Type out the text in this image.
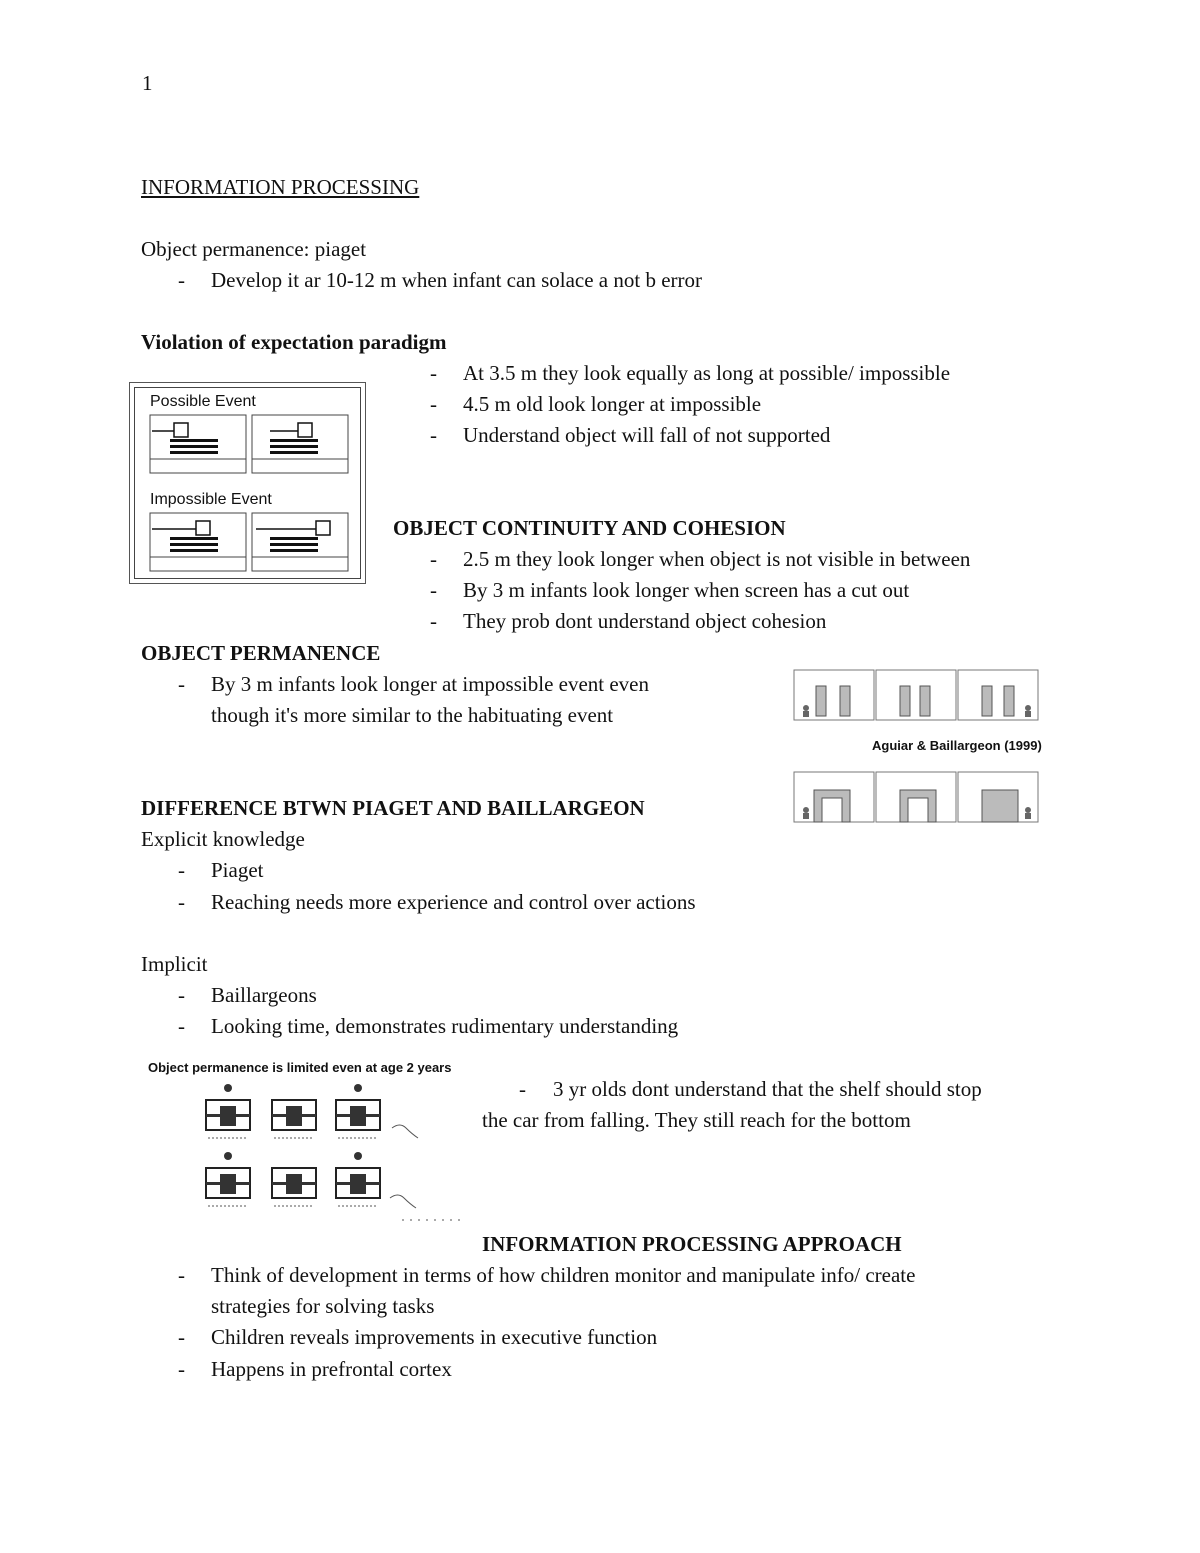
1
INFORMATION PROCESSING
Object permanence: piaget
- Develop it ar 10-12 m when infant can solace a not b error
Violation of expectation paradigm
- At 3.5 m they look equally as long at possible/ impossible
- 4.5 m old look longer at impossible
- Understand object will fall of not supported
Possible Event
Impossible Event
OBJECT CONTINUITY AND COHESION
- 2.5 m they look longer when object is not visible in between
- By 3 m infants look longer when screen has a cut out
- They prob dont understand object cohesion
OBJECT PERMANENCE
- By 3 m infants look longer at impossible event even
though it's more similar to the habituating event
Aguiar & Baillargeon (1999)
DIFFERENCE BTWN PIAGET AND BAILLARGEON
Explicit knowledge
- Piaget
- Reaching needs more experience and control over actions
Implicit
- Baillargeons
- Looking time, demonstrates rudimentary understanding
Object permanence is limited even at age 2 years
- 3 yr olds dont understand that the shelf should stop
the car from falling. They still reach for the bottom
INFORMATION PROCESSING APPROACH
- Think of development in terms of how children monitor and manipulate info/ create
strategies for solving tasks
- Children reveals improvements in executive function
- Happens in prefrontal cortex
